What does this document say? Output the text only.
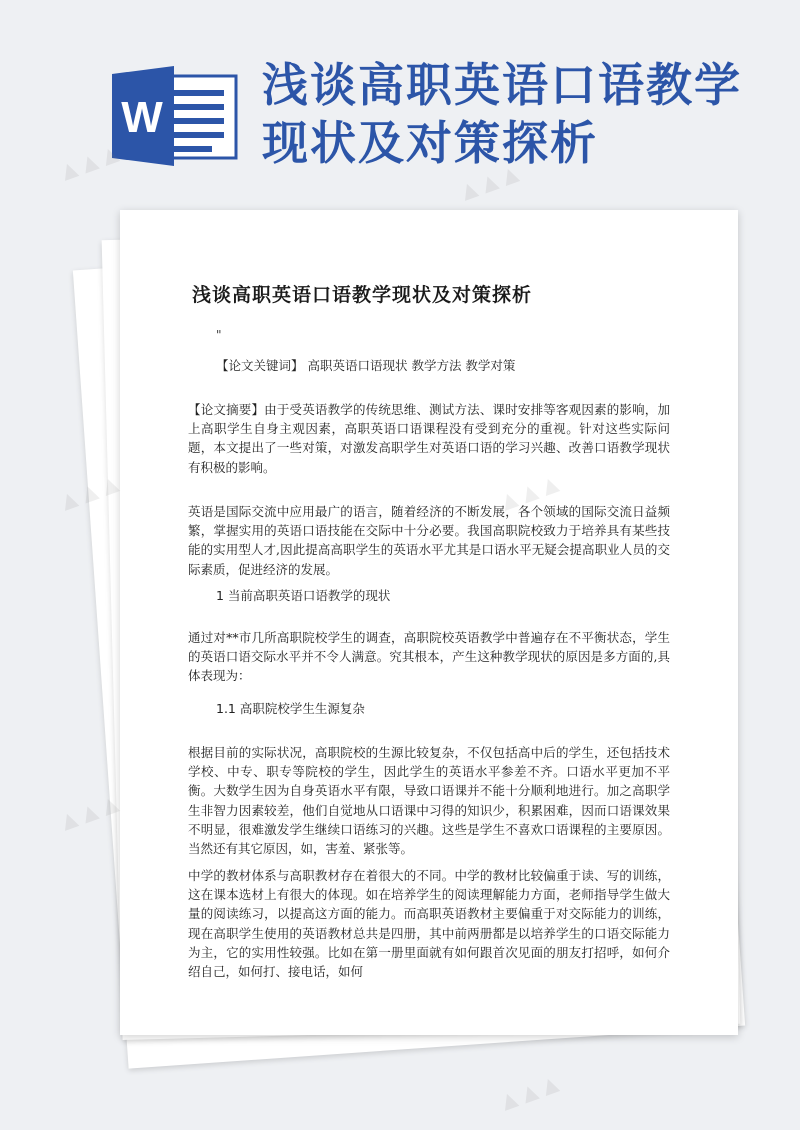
W
浅谈高职英语口语教学
现状及对策探析
浅谈高职英语口语教学现状及对策探析
"
【论文关键词】 高职英语口语现状 教学方法 教学对策
【论文摘要】由于受英语教学的传统思维、测试方法、课时安排等客观因素的影响，加上高职学生自身主观因素，高职英语口语课程没有受到充分的重视。针对这些实际问题，本文提出了一些对策，对激发高职学生对英语口语的学习兴趣、改善口语教学现状有积极的影响。
英语是国际交流中应用最广的语言，随着经济的不断发展，各个领域的国际交流日益频繁，掌握实用的英语口语技能在交际中十分必要。我国高职院校致力于培养具有某些技能的实用型人才,因此提高高职学生的英语水平尤其是口语水平无疑会提高职业人员的交际素质，促进经济的发展。
1 当前高职英语口语教学的现状
通过对**市几所高职院校学生的调查，高职院校英语教学中普遍存在不平衡状态，学生的英语口语交际水平并不令人满意。究其根本，产生这种教学现状的原因是多方面的,具体表现为：
1.1 高职院校学生生源复杂
根据目前的实际状况，高职院校的生源比较复杂，不仅包括高中后的学生，还包括技术学校、中专、职专等院校的学生，因此学生的英语水平参差不齐。口语水平更加不平衡。大数学生因为自身英语水平有限，导致口语课并不能十分顺利地进行。加之高职学生非智力因素较差，他们自觉地从口语课中习得的知识少，积累困难，因而口语课效果不明显，很难激发学生继续口语练习的兴趣。这些是学生不喜欢口语课程的主要原因。当然还有其它原因，如，害羞、紧张等。
中学的教材体系与高职教材存在着很大的不同。中学的教材比较偏重于读、写的训练，这在课本选材上有很大的体现。如在培养学生的阅读理解能力方面，老师指导学生做大量的阅读练习，以提高这方面的能力。而高职英语教材主要偏重于对交际能力的训练，现在高职学生使用的英语教材总共是四册，其中前两册都是以培养学生的口语交际能力为主，它的实用性较强。比如在第一册里面就有如何跟首次见面的朋友打招呼，如何介绍自己，如何打、接电话，如何
▲ ▲ ▲	▲ ▲ ▲
▲
▲ ▲ ▲
▲ ▲ ▲
